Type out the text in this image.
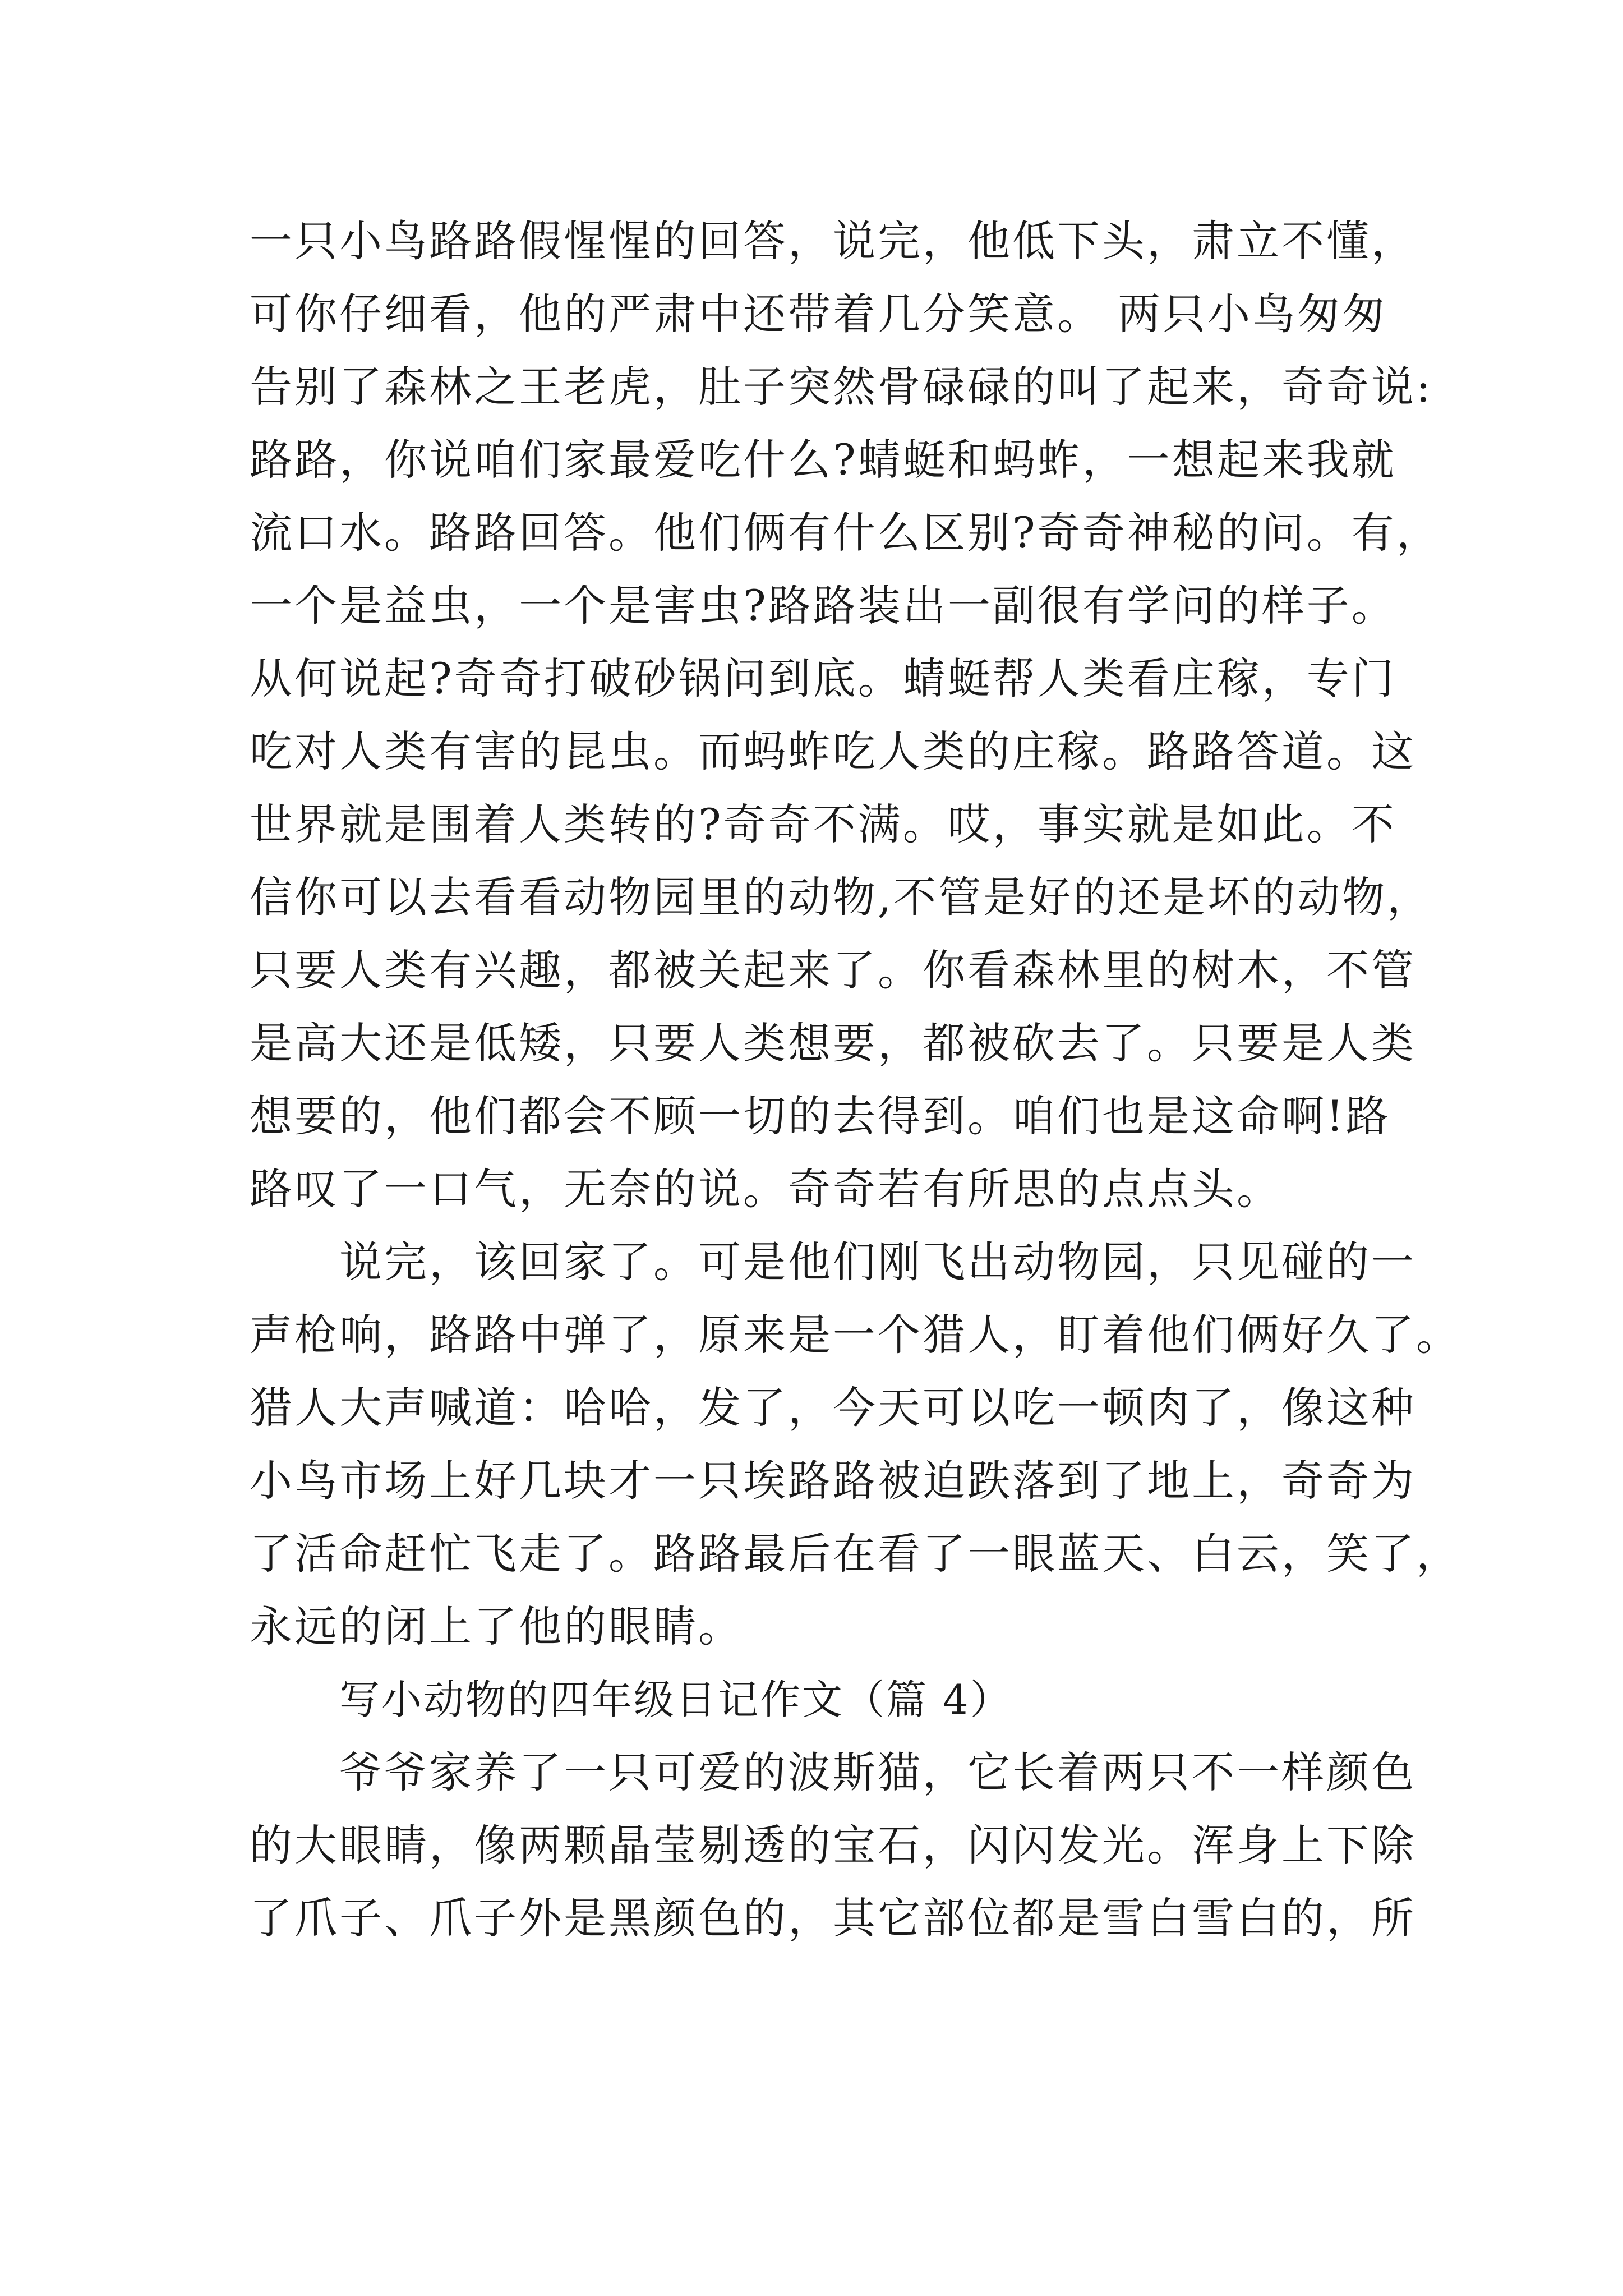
一只小鸟路路假惺惺的回答，说完，他低下头，肃立不懂，
可你仔细看，他的严肃中还带着几分笑意。 两只小鸟匆匆
告别了森林之王老虎，肚子突然骨碌碌的叫了起来，奇奇说:
路路，你说咱们家最爱吃什么?蜻蜓和蚂蚱，一想起来我就
流口水。路路回答。他们俩有什么区别?奇奇神秘的问。有，
一个是益虫，一个是害虫?路路装出一副很有学问的样子。
从何说起?奇奇打破砂锅问到底。蜻蜓帮人类看庄稼，专门
吃对人类有害的昆虫。而蚂蚱吃人类的庄稼。路路答道。这
世界就是围着人类转的?奇奇不满。哎，事实就是如此。不
信你可以去看看动物园里的动物,不管是好的还是坏的动物，
只要人类有兴趣，都被关起来了。你看森林里的树木，不管
是高大还是低矮，只要人类想要，都被砍去了。只要是人类
想要的，他们都会不顾一切的去得到。咱们也是这命啊!路
路叹了一口气，无奈的说。奇奇若有所思的点点头。
说完，该回家了。可是他们刚飞出动物园，只见碰的一
声枪响，路路中弹了，原来是一个猎人，盯着他们俩好久了。
猎人大声喊道：哈哈，发了，今天可以吃一顿肉了，像这种
小鸟市场上好几块才一只埃路路被迫跌落到了地上，奇奇为
了活命赶忙飞走了。路路最后在看了一眼蓝天、白云，笑了，
永远的闭上了他的眼睛。
写小动物的四年级日记作文（篇 4）
爷爷家养了一只可爱的波斯猫，它长着两只不一样颜色
的大眼睛，像两颗晶莹剔透的宝石，闪闪发光。浑身上下除
了爪子、爪子外是黑颜色的，其它部位都是雪白雪白的，所
